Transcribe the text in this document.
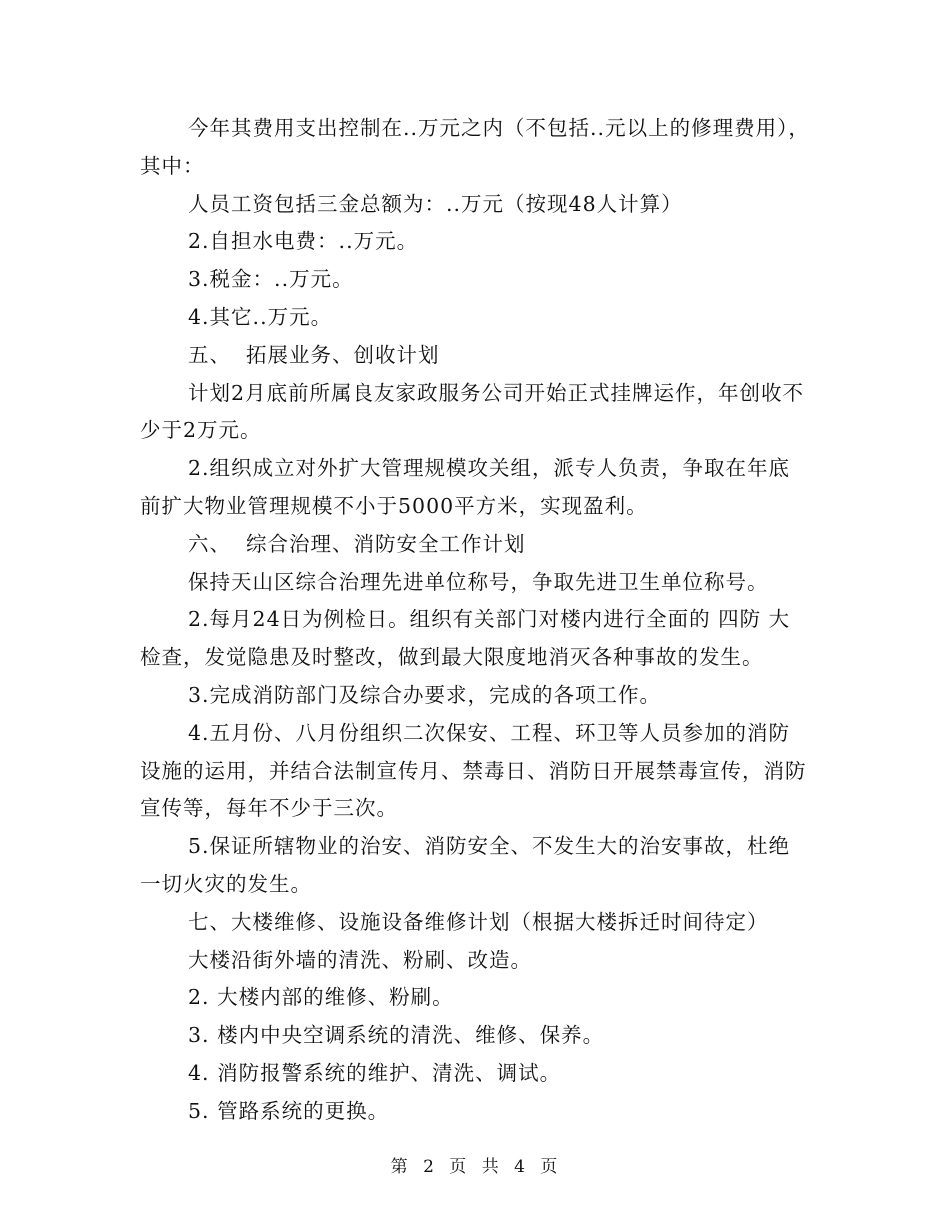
今年其费用支出控制在..万元之内（不包括..元以上的修理费用），其中：

人员工资包括三金总额为：..万元（按现48人计算）

2.自担水电费：..万元。

3.税金：..万元。

4.其它..万元。

五、  拓展业务、创收计划

计划2月底前所属良友家政服务公司开始正式挂牌运作，年创收不少于2万元。

2.组织成立对外扩大管理规模攻关组，派专人负责，争取在年底前扩大物业管理规模不小于5000平方米，实现盈利。

六、  综合治理、消防安全工作计划

保持天山区综合治理先进单位称号，争取先进卫生单位称号。

2.每月24日为例检日。组织有关部门对楼内进行全面的 四防 大检查，发觉隐患及时整改，做到最大限度地消灭各种事故的发生。

3.完成消防部门及综合办要求，完成的各项工作。

4.五月份、八月份组织二次保安、工程、环卫等人员参加的消防设施的运用，并结合法制宣传月、禁毒日、消防日开展禁毒宣传，消防宣传等，每年不少于三次。

5.保证所辖物业的治安、消防安全、不发生大的治安事故，杜绝一切火灾的发生。

七、大楼维修、设施设备维修计划（根据大楼拆迁时间待定）

大楼沿街外墙的清洗、粉刷、改造。

2. 大楼内部的维修、粉刷。

3. 楼内中央空调系统的清洗、维修、保养。

4. 消防报警系统的维护、清洗、调试。

5. 管路系统的更换。

第 2 页 共 4 页
